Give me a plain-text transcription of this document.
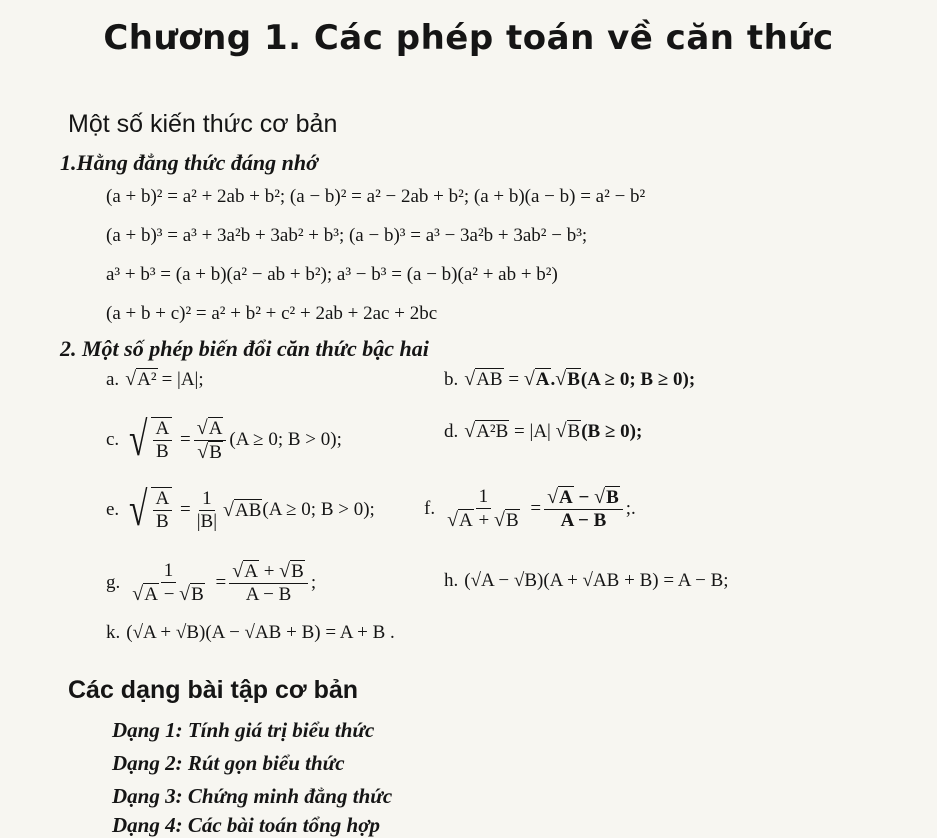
Chương 1. Các phép toán về căn thức
Một số kiến thức cơ bản
1.Hằng đẳng thức đáng nhớ
(a + b)² = a² + 2ab + b²; (a − b)² = a² − 2ab + b²; (a + b)(a − b) = a² − b²
(a + b)³ = a³ + 3a²b + 3ab² + b³; (a − b)³ = a³ − 3a²b + 3ab² − b³;
a³ + b³ = (a + b)(a² − ab + b²); a³ − b³ = (a − b)(a² + ab + b²)
(a + b + c)² = a² + b² + c² + 2ab + 2ac + 2bc
2. Một số phép biến đổi căn thức bậc hai
a. √ A² = |A|;	b. √ AB = √ A . √ B (A ≥ 0; B ≥ 0);
c. √ $\frac{A}{B} = \frac{√ A}{√ B} (A \ge 0$; B > 0);	d. √ A²B = |A| √ B (B ≥ 0);
e. √ $\frac{A}{B} = \frac{1}{|B|}$ √ AB (A ≥ 0; B > 0);	f. $\frac{1}{√ A + √ B} = \frac{√ A - √ B}{A - B}$ ;.
g. $\frac{1}{√ A - √ B} = \frac{√ A + √ B}{A - B}$ ;	h. (√A − √B)(A + √AB + B) = A − B;
k. (√A + √B)(A − √AB + B) = A + B .
Các dạng bài tập cơ bản
Dạng 1: Tính giá trị biểu thức
Dạng 2: Rút gọn biểu thức
Dạng 3: Chứng minh đẳng thức
Dạng 4: Các bài toán tổng hợp
